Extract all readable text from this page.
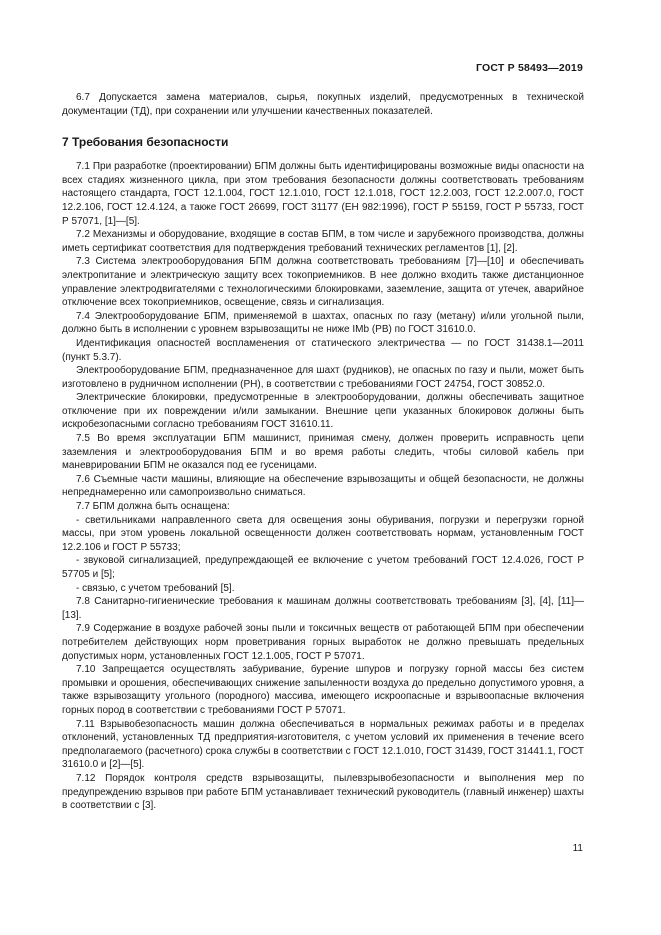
ГОСТ Р 58493—2019

6.7 Допускается замена материалов, сырья, покупных изделий, предусмотренных в технической документации (ТД), при сохранении или улучшении качественных показателей.

7 Требования безопасности

7.1 При разработке (проектировании) БПМ должны быть идентифицированы возможные виды опасности на всех стадиях жизненного цикла, при этом требования безопасности должны соответствовать требованиям настоящего стандарта, ГОСТ 12.1.004, ГОСТ 12.1.010, ГОСТ 12.1.018, ГОСТ 12.2.003, ГОСТ 12.2.007.0, ГОСТ 12.2.106, ГОСТ 12.4.124, а также ГОСТ 26699, ГОСТ 31177 (ЕН 982:1996), ГОСТ Р 55159, ГОСТ Р 55733, ГОСТ Р 57071, [1]—[5].

7.2 Механизмы и оборудование, входящие в состав БПМ, в том числе и зарубежного производства, должны иметь сертификат соответствия для подтверждения требований технических регламентов [1], [2].

7.3 Система электрооборудования БПМ должна соответствовать требованиям [7]—[10] и обеспечивать электропитание и электрическую защиту всех токоприемников. В нее должно входить также дистанционное управление электродвигателями с технологическими блокировками, заземление, защита от утечек, аварийное отключение всех токоприемников, освещение, связь и сигнализация.

7.4 Электрооборудование БПМ, применяемой в шахтах, опасных по газу (метану) и/или угольной пыли, должно быть в исполнении с уровнем взрывозащиты не ниже IMb (PB) по ГОСТ 31610.0.

Идентификация опасностей воспламенения от статического электричества — по ГОСТ 31438.1—2011 (пункт 5.3.7).

Электрооборудование БПМ, предназначенное для шахт (рудников), не опасных по газу и пыли, может быть изготовлено в рудничном исполнении (РН), в соответствии с требованиями ГОСТ 24754, ГОСТ 30852.0.

Электрические блокировки, предусмотренные в электрооборудовании, должны обеспечивать защитное отключение при их повреждении и/или замыкании. Внешние цепи указанных блокировок должны быть искробезопасными согласно требованиям ГОСТ 31610.11.

7.5 Во время эксплуатации БПМ машинист, принимая смену, должен проверить исправность цепи заземления и электрооборудования БПМ и во время работы следить, чтобы силовой кабель при маневрировании БПМ не оказался под ее гусеницами.

7.6 Съемные части машины, влияющие на обеспечение взрывозащиты и общей безопасности, не должны непреднамеренно или самопроизвольно сниматься.

7.7 БПМ должна быть оснащена:

- светильниками направленного света для освещения зоны обуривания, погрузки и перегрузки горной массы, при этом уровень локальной освещенности должен соответствовать нормам, установленным ГОСТ 12.2.106 и ГОСТ Р 55733;

- звуковой сигнализацией, предупреждающей ее включение с учетом требований ГОСТ 12.4.026, ГОСТ Р 57705 и [5];

- связью, с учетом требований [5].

7.8 Санитарно-гигиенические требования к машинам должны соответствовать требованиям [3], [4], [11]—[13].

7.9 Содержание в воздухе рабочей зоны пыли и токсичных веществ от работающей БПМ при обеспечении потребителем действующих норм проветривания горных выработок не должно превышать предельных допустимых норм, установленных ГОСТ 12.1.005, ГОСТ Р 57071.

7.10 Запрещается осуществлять забуривание, бурение шпуров и погрузку горной массы без систем промывки и орошения, обеспечивающих снижение запыленности воздуха до предельно допустимого уровня, а также взрывозащиту угольного (породного) массива, имеющего искроопасные и взрывоопасные включения горных пород в соответствии с требованиями ГОСТ Р 57071.

7.11 Взрывобезопасность машин должна обеспечиваться в нормальных режимах работы и в пределах отклонений, установленных ТД предприятия-изготовителя, с учетом условий их применения в течение всего предполагаемого (расчетного) срока службы в соответствии с ГОСТ 12.1.010, ГОСТ 31439, ГОСТ 31441.1, ГОСТ 31610.0 и [2]—[5].

7.12 Порядок контроля средств взрывозащиты, пылевзрывобезопасности и выполнения мер по предупреждению взрывов при работе БПМ устанавливает технический руководитель (главный инженер) шахты в соответствии с [3].

11
